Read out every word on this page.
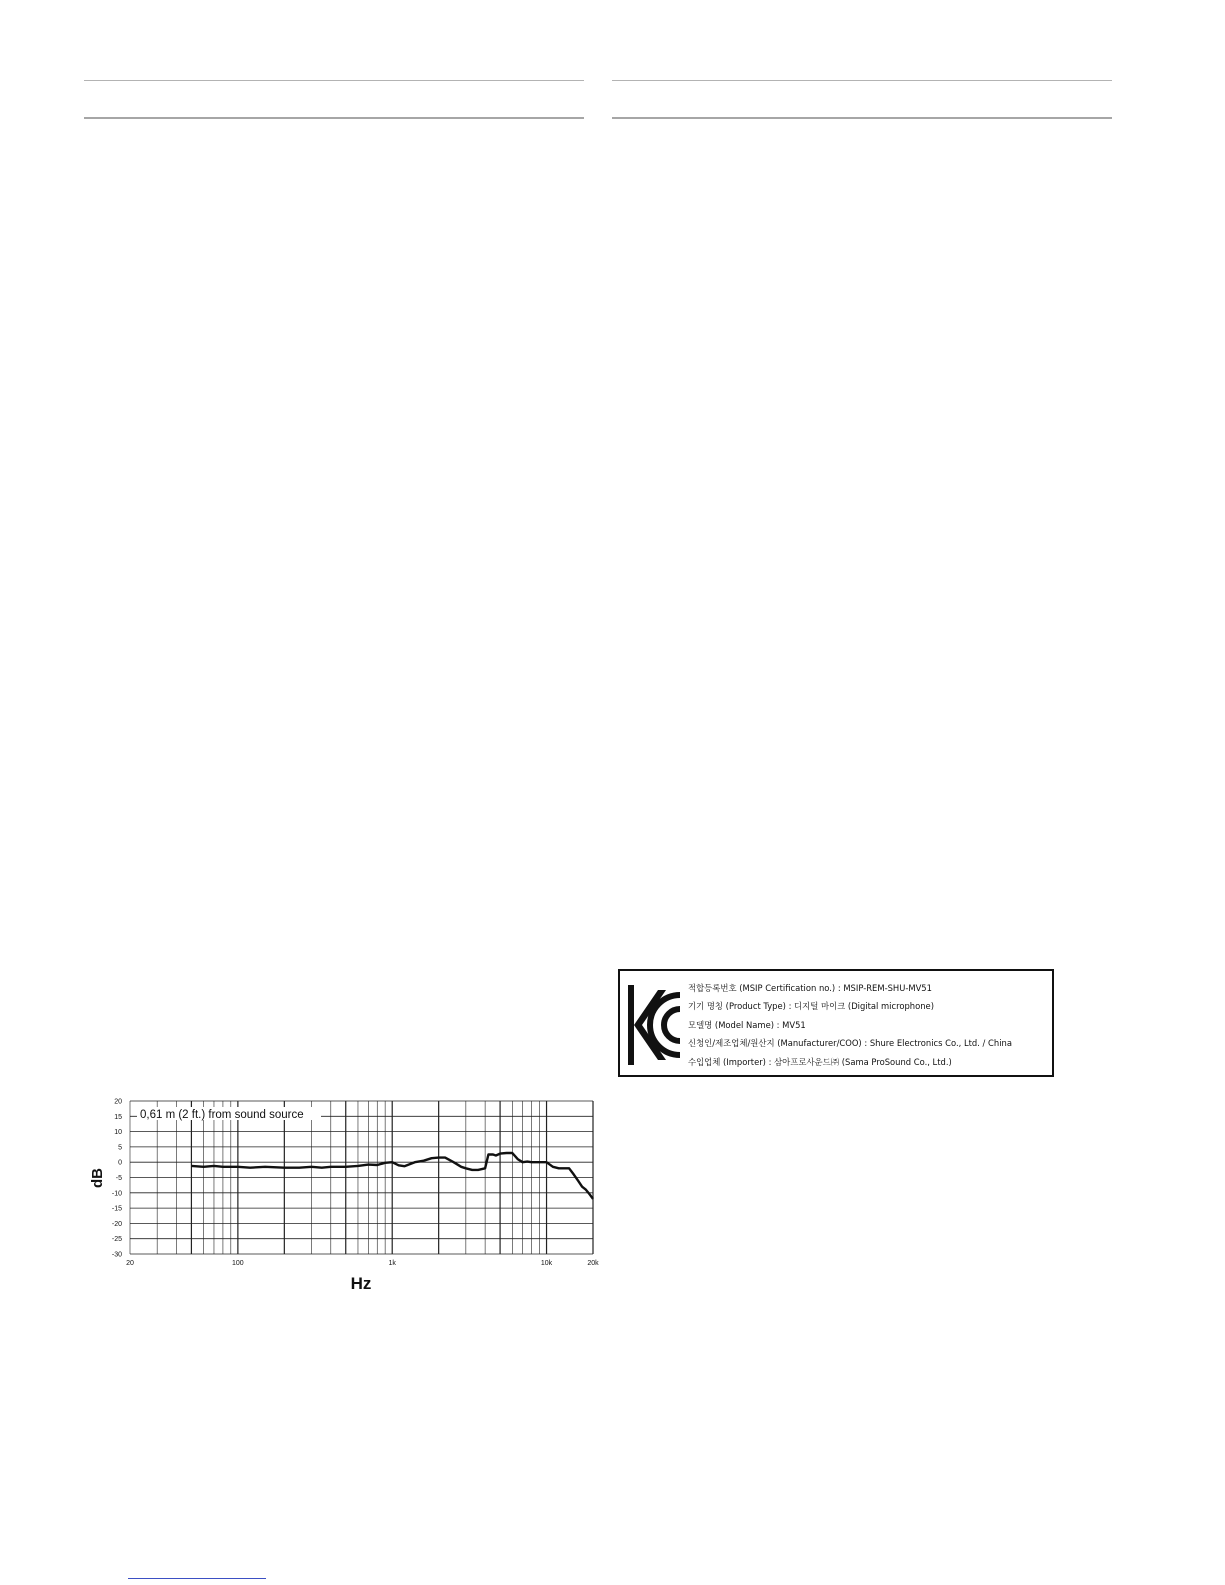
20
15
10
5
0
-5
-10
-15
-20
-25
-30
20	100	1k	10k	20k
0,61 m (2 ft.) from sound source
dB
Hz
적합등록번호 (MSIP Certification no.) : MSIP-REM-SHU-MV51
기기 명칭 (Product Type) : 디지털 마이크 (Digital microphone)
모델명 (Model Name) : MV51
신청인/제조업체/원산지 (Manufacturer/COO) : Shure Electronics Co., Ltd. / China
수입업체 (Importer) : 삼아프로사운드㈜ (Sama ProSound Co., Ltd.)
